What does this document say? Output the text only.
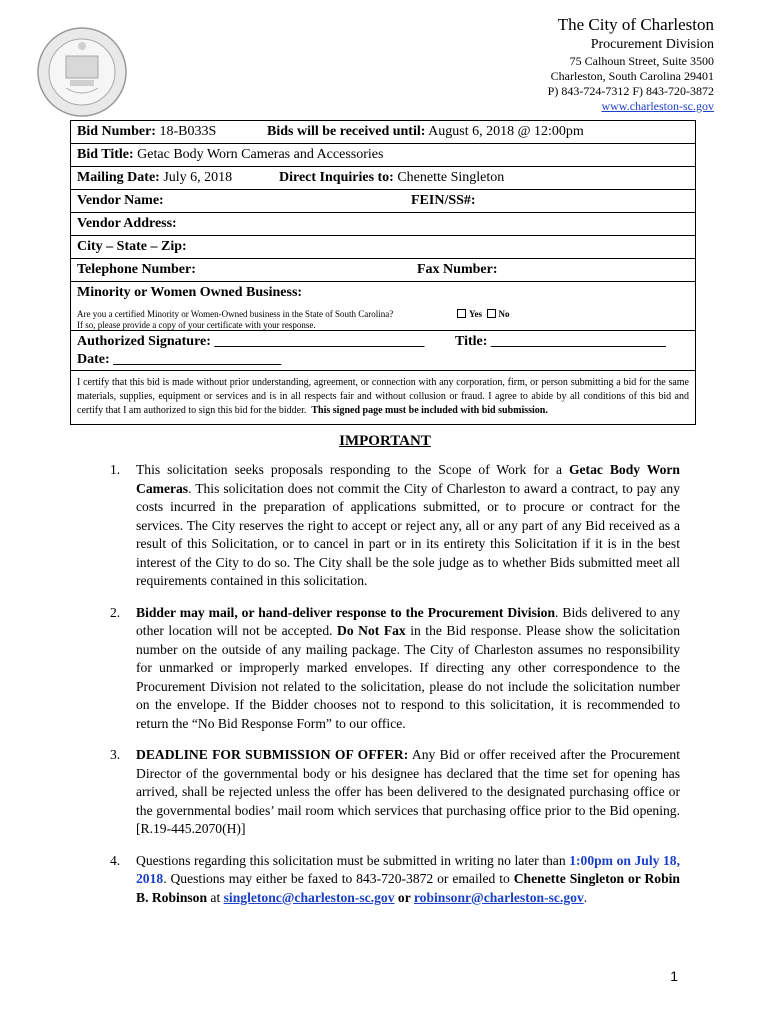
The City of Charleston
Procurement Division
75 Calhoun Street, Suite 3500
Charleston, South Carolina 29401
P) 843-724-7312 F) 843-720-3872
www.charleston-sc.gov
Bid Number: 18-B033S	Bids will be received until: August 6, 2018 @ 12:00pm
Bid Title: Getac Body Worn Cameras and Accessories
Mailing Date: July 6, 2018	Direct Inquiries to: Chenette Singleton
Vendor Name:	FEIN/SS#:
Vendor Address:
City – State – Zip:
Telephone Number:	Fax Number:
Minority or Women Owned Business:
Are you a certified Minority or Women-Owned business in the State of South Carolina?
If so, please provide a copy of your certificate with your response.
Yes No
Authorized Signature: ______________________________ Title: _________________________
Date: ________________________
I certify that this bid is made without prior understanding, agreement, or connection with any corporation, firm, or person submitting a bid for the same materials, supplies, equipment or services and is in all respects fair and without collusion or fraud. I agree to abide by all conditions of this bid and certify that I am authorized to sign this bid for the bidder. This signed page must be included with bid submission.
IMPORTANT
1. This solicitation seeks proposals responding to the Scope of Work for a Getac Body Worn Cameras. This solicitation does not commit the City of Charleston to award a contract, to pay any costs incurred in the preparation of applications submitted, or to procure or contract for the services. The City reserves the right to accept or reject any, all or any part of any Bid received as a result of this Solicitation, or to cancel in part or in its entirety this Solicitation if it is in the best interest of the City to do so. The City shall be the sole judge as to whether Bids submitted meet all requirements contained in this solicitation.
2. Bidder may mail, or hand-deliver response to the Procurement Division. Bids delivered to any other location will not be accepted. Do Not Fax in the Bid response. Please show the solicitation number on the outside of any mailing package. The City of Charleston assumes no responsibility for unmarked or improperly marked envelopes. If directing any other correspondence to the Procurement Division not related to the solicitation, please do not include the solicitation number on the envelope. If the Bidder chooses not to respond to this solicitation, it is recommended to return the “No Bid Response Form” to our office.
3. DEADLINE FOR SUBMISSION OF OFFER: Any Bid or offer received after the Procurement Director of the governmental body or his designee has declared that the time set for opening has arrived, shall be rejected unless the offer has been delivered to the designated purchasing office or the governmental bodies’ mail room which services that purchasing office prior to the Bid opening. [R.19-445.2070(H)]
4. Questions regarding this solicitation must be submitted in writing no later than 1:00pm on July 18, 2018. Questions may either be faxed to 843-720-3872 or emailed to Chenette Singleton or Robin B. Robinson at singletonc@charleston-sc.gov or robinsonr@charleston-sc.gov.
1
